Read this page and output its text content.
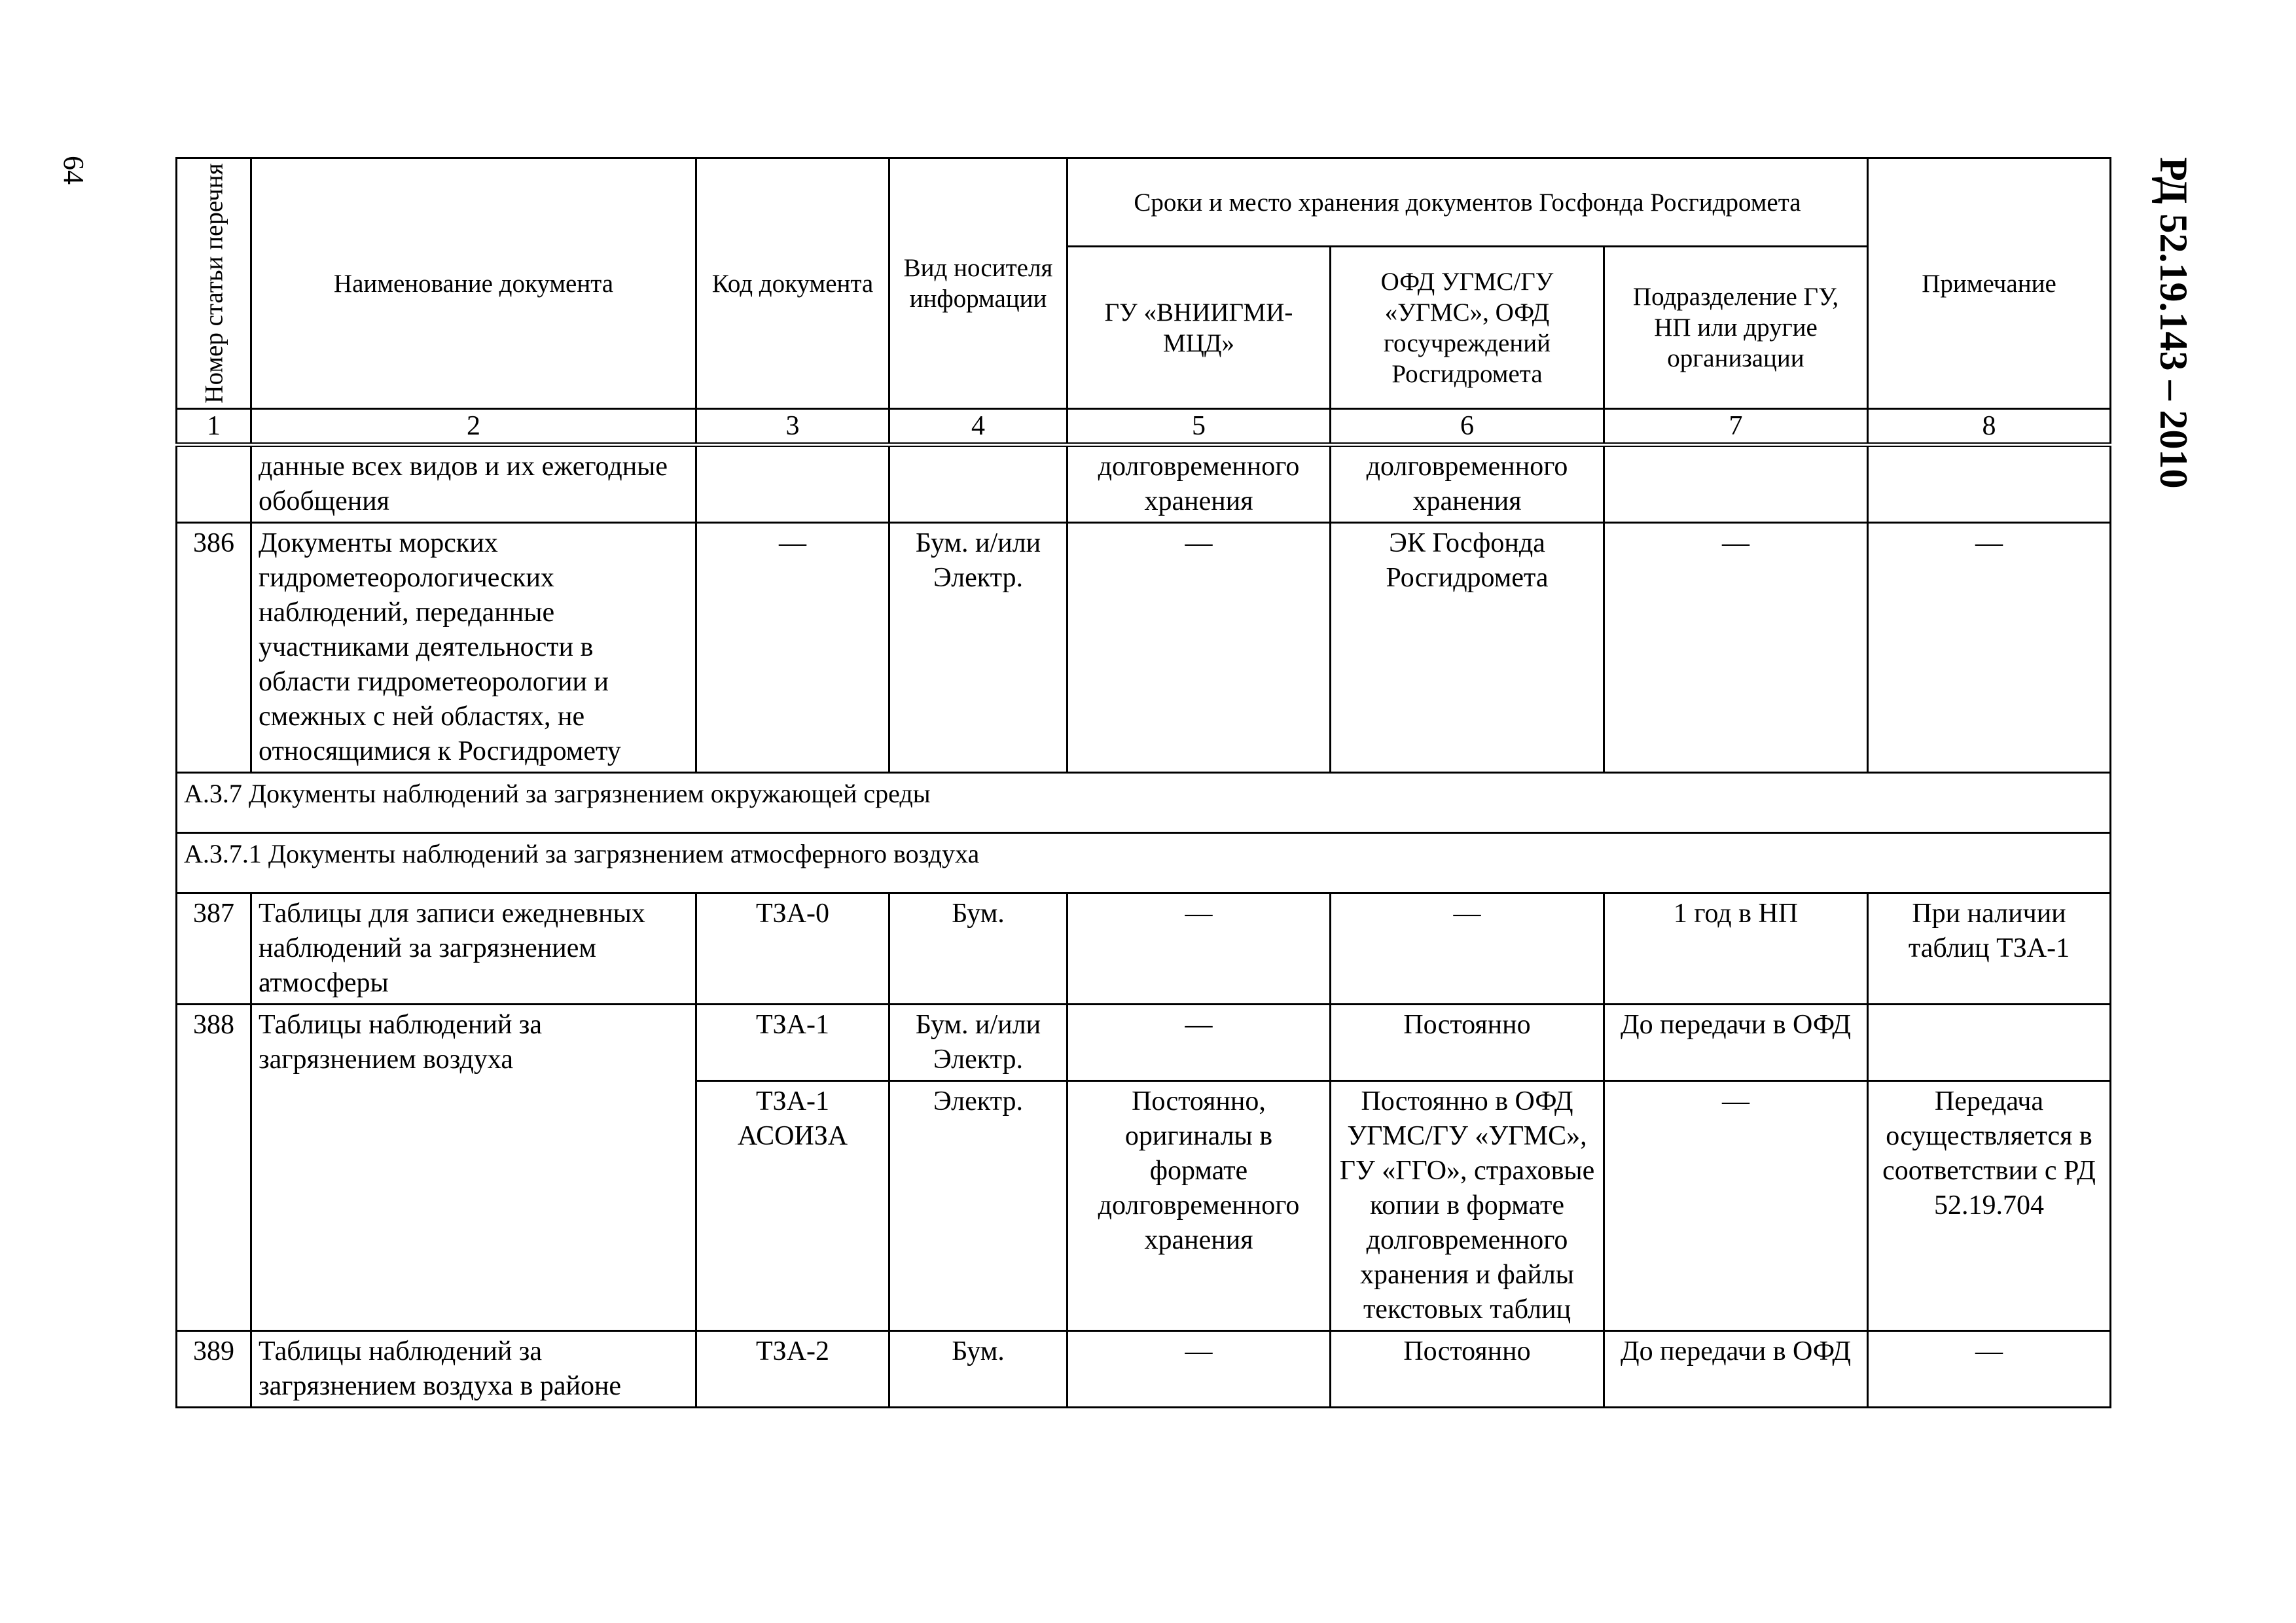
64	РД 52.19.143 – 2010
Номер статьи перечня	Наименование документа	Код документа	Вид носителя информации	Сроки и место хранения документов Госфонда Росгидромета			Примечание
				ГУ «ВНИИГМИ-МЦД»	ОФД УГМС/ГУ «УГМС», ОФД госучреждений Росгидромета	Подразделение ГУ, НП или другие организации	
1	2	3	4	5	6	7	8
	данные всех видов и их ежегодные обобщения			долговременного хранения	долговременного хранения		
386	Документы морских гидрометеорологических наблюдений, переданные участниками деятельности в области гидрометеорологии и смежных с ней областях, не относящимися к Росгидромету	—	Бум. и/или Электр.	—	ЭК Госфонда Росгидромета	—	—
А.3.7 Документы наблюдений за загрязнением окружающей среды							
А.3.7.1 Документы наблюдений за загрязнением атмосферного воздуха							
387	Таблицы для записи ежедневных наблюдений за загрязнением атмосферы	ТЗА-0	Бум.	—	—	1 год в НП	При наличии таблиц ТЗА-1
388	Таблицы наблюдений за загрязнением воздуха	ТЗА-1	Бум. и/или Электр.	—	Постоянно	До передачи в ОФД	
		ТЗА-1 АСОИЗА	Электр.	Постоянно, оригиналы в формате долговременного хранения	Постоянно в ОФД УГМС/ГУ «УГМС», ГУ «ГГО», страховые копии в формате долговременного хранения и файлы текстовых таблиц	—	Передача осуществляется в соответствии с РД 52.19.704
389	Таблицы наблюдений за загрязнением воздуха в районе	ТЗА-2	Бум.	—	Постоянно	До передачи в ОФД	—
